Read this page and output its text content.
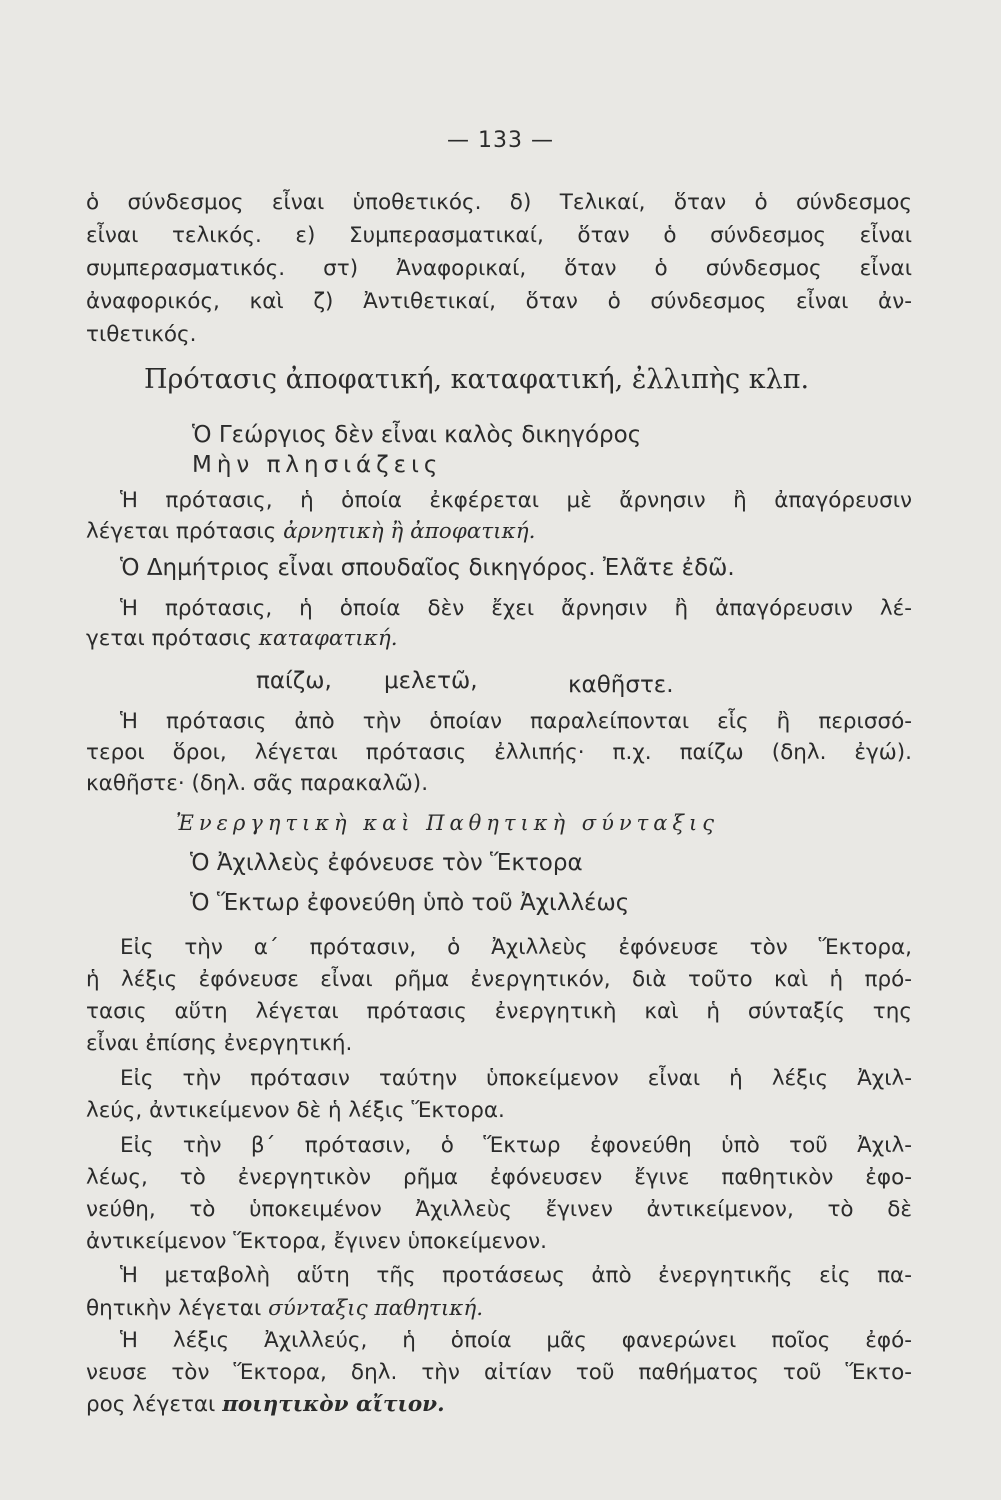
— 133 —
ὁ σύνδεσμος εἶναι ὑποθετικός. δ) Τελικαί, ὅταν ὁ σύνδεσμος
εἶναι τελικός. ε) Συμπερασματικαί, ὅταν ὁ σύνδεσμος εἶναι
συμπερασματικός. στ) Ἀναφορικαί, ὅταν ὁ σύνδεσμος εἶναι
ἀναφορικός, καὶ ζ) Ἀντιθετικαί, ὅταν ὁ σύνδεσμος εἶναι ἀν-
τιθετικός.
Πρότασις ἀποφατική, καταφατική, ἐλλιπὴς κλπ.
Ὁ Γεώργιος δὲν εἶναι καλὸς δικηγόρος
Μὴν πλησιάζεις
Ἡ πρότασις, ἡ ὁποία ἐκφέρεται μὲ ἄρνησιν ἢ ἀπαγόρευσιν
λέγεται πρότασις ἀρνητικὴ ἢ ἀποφατική.
Ὁ Δημήτριος εἶναι σπουδαῖος δικηγόρος. Ἐλᾶτε ἐδῶ.
Ἡ πρότασις, ἡ ὁποία δὲν ἔχει ἄρνησιν ἢ ἀπαγόρευσιν λέ-
γεται πρότασις καταφατική.
παίζω, μελετῶ,	καθῆστε.
Ἡ πρότασις ἀπὸ τὴν ὁποίαν παραλείπονται εἷς ἢ περισσό-
τεροι ὅροι, λέγεται πρότασις ἐλλιπής· π.χ. παίζω (δηλ. ἐγώ).
καθῆστε· (δηλ. σᾶς παρακαλῶ).
Ἐνεργητικὴ καὶ Παθητικὴ σύνταξις
Ὁ Ἀχιλλεὺς ἐφόνευσε τὸν Ἕκτορα
Ὁ Ἕκτωρ ἐφονεύθη ὑπὸ τοῦ Ἀχιλλέως
Εἰς τὴν α΄ πρότασιν, ὁ Ἀχιλλεὺς ἐφόνευσε τὸν Ἕκτορα,
ἡ λέξις ἐφόνευσε εἶναι ρῆμα ἐνεργητικόν, διὰ τοῦτο καὶ ἡ πρό-
τασις αὕτη λέγεται πρότασις ἐνεργητικὴ καὶ ἡ σύνταξίς της
εἶναι ἐπίσης ἐνεργητική.
Εἰς τὴν πρότασιν ταύτην ὑποκείμενον εἶναι ἡ λέξις Ἀχιλ-
λεύς, ἀντικείμενον δὲ ἡ λέξις Ἕκτορα.
Εἰς τὴν β΄ πρότασιν, ὁ Ἕκτωρ ἐφονεύθη ὑπὸ τοῦ Ἀχιλ-
λέως, τὸ ἐνεργητικὸν ρῆμα ἐφόνευσεν ἔγινε παθητικὸν ἐφο-
νεύθη, τὸ ὑποκειμένον Ἀχιλλεὺς ἔγινεν ἀντικείμενον, τὸ δὲ
ἀντικείμενον Ἕκτορα, ἔγινεν ὑποκείμενον.
Ἡ μεταβολὴ αὕτη τῆς προτάσεως ἀπὸ ἐνεργητικῆς εἰς πα-
θητικὴν λέγεται σύνταξις παθητική.
Ἡ λέξις Ἀχιλλεύς, ἡ ὁποία μᾶς φανερώνει ποῖος ἐφό-
νευσε τὸν Ἕκτορα, δηλ. τὴν αἰτίαν τοῦ παθήματος τοῦ Ἕκτο-
ρος λέγεται ποιητικὸν αἴτιον.
